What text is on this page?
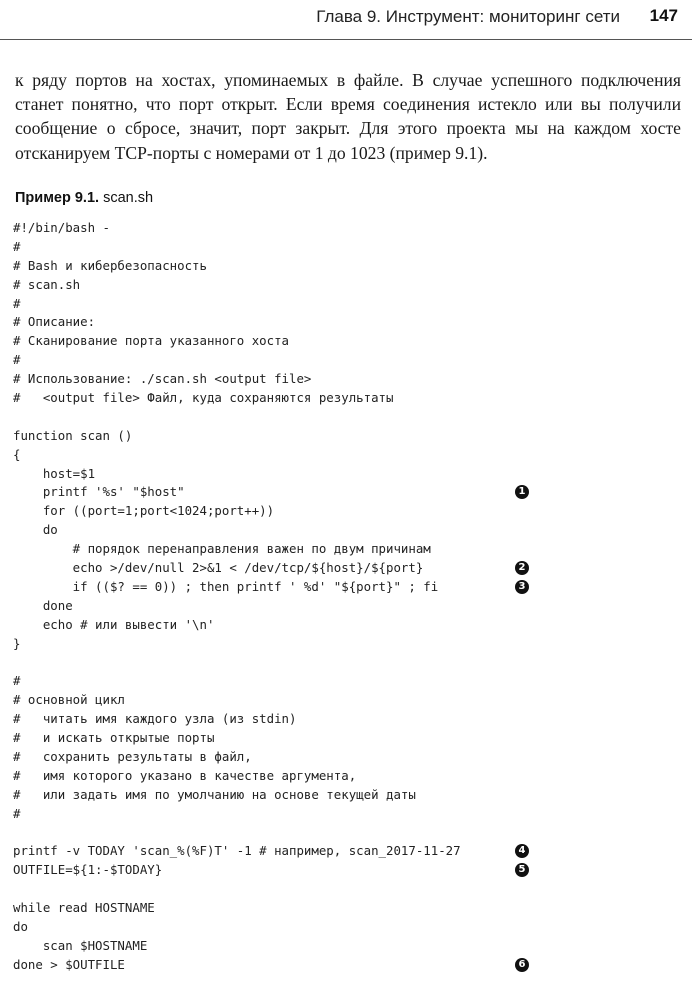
Глава 9. Инструмент: мониторинг сети 147
к ряду портов на хостах, упоминаемых в файле. В случае успешного подключения
станет понятно, что порт открыт. Если время соединения истекло или вы получили
сообщение о сбросе, значит, порт закрыт. Для этого проекта мы на каждом хосте
отсканируем TCP-порты с номерами от 1 до 1023 (пример 9.1).
Пример 9.1. scan.sh
#!/bin/bash -
#
# Bash и кибербезопасность
# scan.sh
#
# Описание:
# Сканирование порта указанного хоста
#
# Использование: ./scan.sh <output file>
#   <output file> Файл, куда сохраняются результаты
function scan ()
{
host=$1
printf '%s' "$host"	1
for ((port=1;port<1024;port++))
do
# порядок перенаправления важен по двум причинам
echo >/dev/null 2>&1 < /dev/tcp/${host}/${port}	2
if (($? == 0)) ; then printf ' %d' "${port}" ; fi	3
done
echo # или вывести '\n'
}
#
# основной цикл
#   читать имя каждого узла (из stdin)
#   и искать открытые порты
#   сохранить результаты в файл,
#   имя которого указано в качестве аргумента,
#   или задать имя по умолчанию на основе текущей даты
#
printf -v TODAY 'scan_%(%F)T' -1 # например, scan_2017-11-27	4
OUTFILE=${1:-$TODAY}	5
while read HOSTNAME
do
scan $HOSTNAME
done > $OUTFILE	6
